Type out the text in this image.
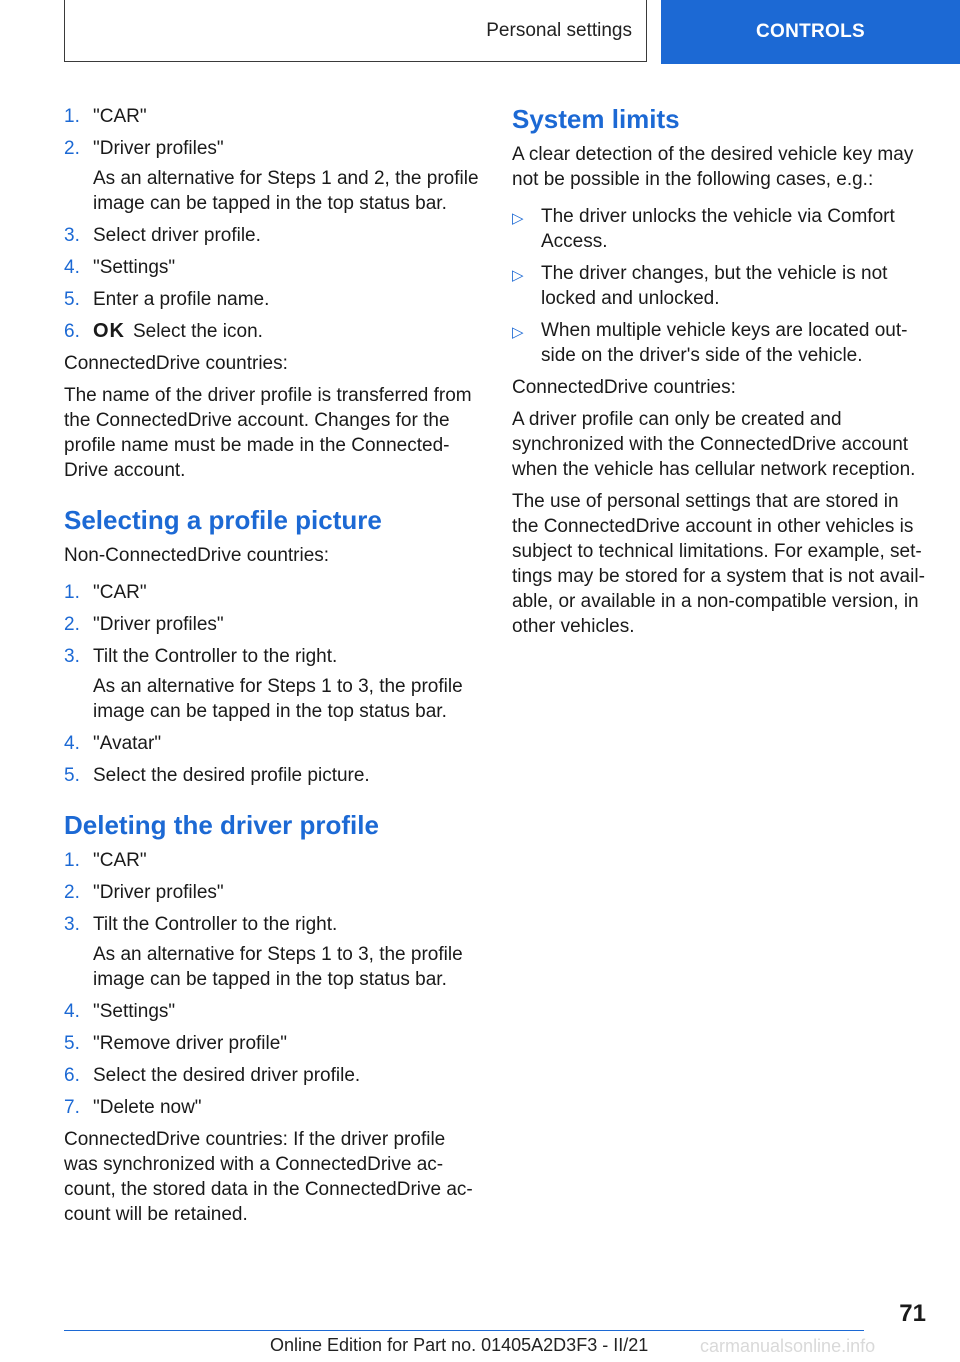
Personal settings	CONTROLS
1. "CAR"
2. "Driver profiles"
As an alternative for Steps 1 and 2, the profile image can be tapped in the top status bar.
3. Select driver profile.
4. "Settings"
5. Enter a profile name.
6. OK Select the icon.

ConnectedDrive countries:

The name of the driver profile is transferred from the ConnectedDrive account. Changes for the profile name must be made in the Connected-Drive account.

Selecting a profile picture

Non-ConnectedDrive countries:

1. "CAR"
2. "Driver profiles"
3. Tilt the Controller to the right.
As an alternative for Steps 1 to 3, the profile image can be tapped in the top status bar.
4. "Avatar"
5. Select the desired profile picture.
Deleting the driver profile
1. "CAR"
2. "Driver profiles"
3. Tilt the Controller to the right.
As an alternative for Steps 1 to 3, the profile image can be tapped in the top status bar.
4. "Settings"
5. "Remove driver profile"
6. Select the desired driver profile.
7. "Delete now"

ConnectedDrive countries: If the driver profile was synchronized with a ConnectedDrive ac-count, the stored data in the ConnectedDrive ac-count will be retained.

System limits

A clear detection of the desired vehicle key may not be possible in the following cases, e.g.:

▷ The driver unlocks the vehicle via Comfort Access.
▷ The driver changes, but the vehicle is not locked and unlocked.
▷ When multiple vehicle keys are located out-side on the driver's side of the vehicle.

ConnectedDrive countries:

A driver profile can only be created and synchronized with the ConnectedDrive account when the vehicle has cellular network reception.

The use of personal settings that are stored in the ConnectedDrive account in other vehicles is subject to technical limitations. For example, set-tings may be stored for a system that is not avail-able, or available in a non-compatible version, in other vehicles.

71
Online Edition for Part no. 01405A2D3F3 - II/21	carmanualsonline.info
